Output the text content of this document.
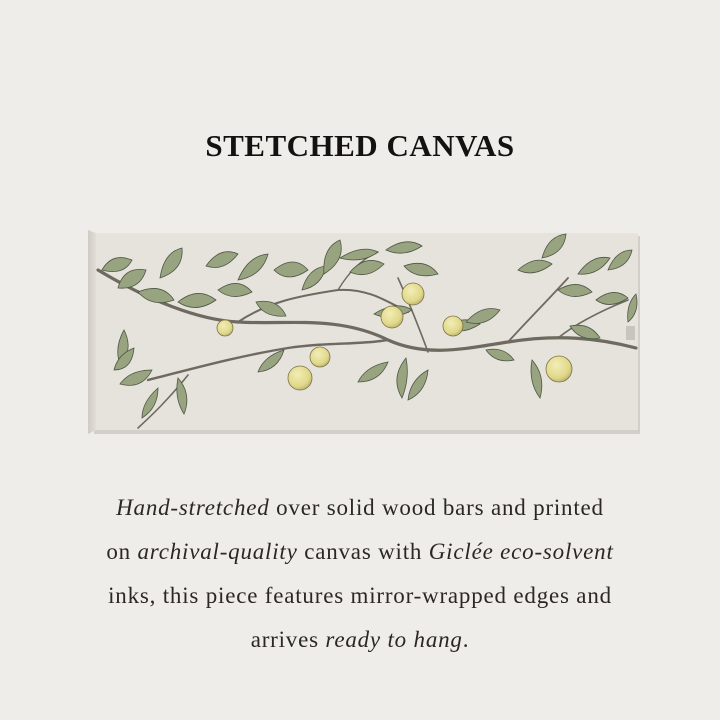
STETCHED CANVAS
Hand-stretched over solid wood bars and printed
on archival-quality canvas with Giclée eco-solvent
inks, this piece features mirror-wrapped edges and
arrives ready to hang.
